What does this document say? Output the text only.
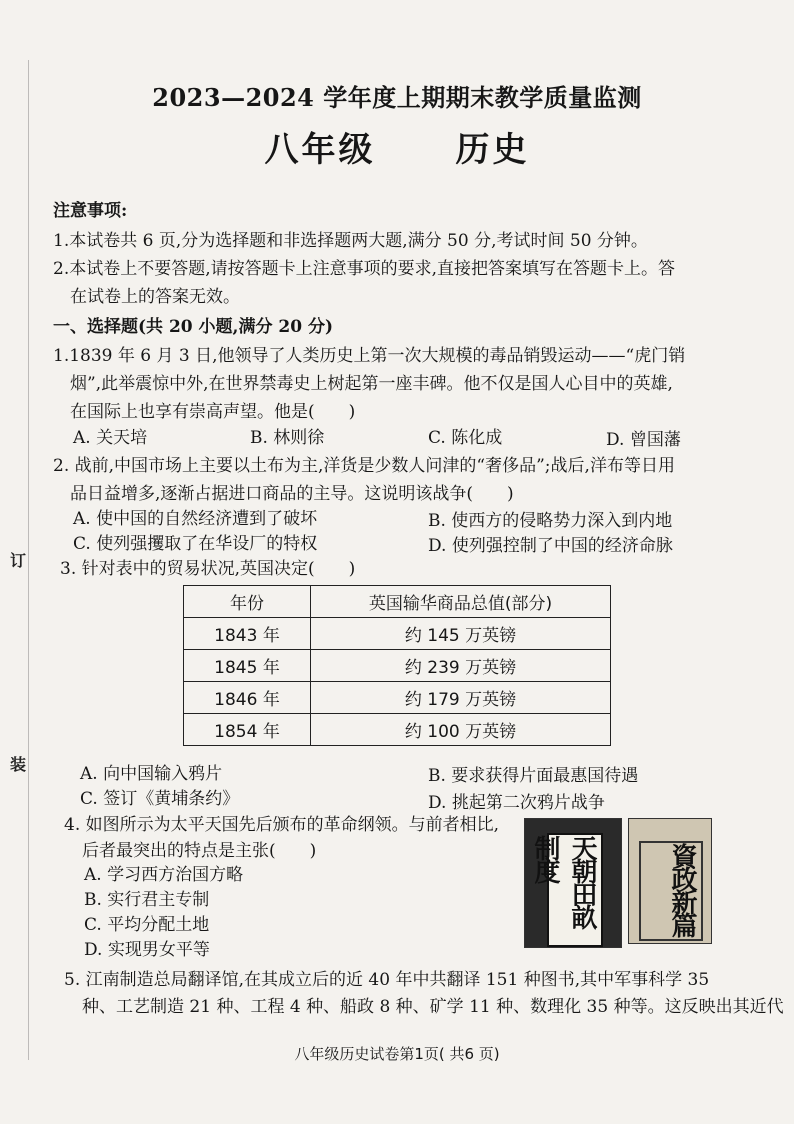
订
装
2023—2024 学年度上期期末教学质量监测
八年级 历史
注意事项:
1.本试卷共 6 页,分为选择题和非选择题两大题,满分 50 分,考试时间 50 分钟。
2.本试卷上不要答题,请按答题卡上注意事项的要求,直接把答案填写在答题卡上。答
在试卷上的答案无效。
一、选择题(共 20 小题,满分 20 分)
1.1839 年 6 月 3 日,他领导了人类历史上第一次大规模的毒品销毁运动——“虎门销
烟”,此举震惊中外,在世界禁毒史上树起第一座丰碑。他不仅是国人心目中的英雄,
在国际上也享有崇高声望。他是(　　)
A. 关天培	B. 林则徐	C. 陈化成	D. 曾国藩
2. 战前,中国市场上主要以土布为主,洋货是少数人问津的“奢侈品”;战后,洋布等日用
品日益增多,逐渐占据进口商品的主导。这说明该战争(　　)
A. 使中国的自然经济遭到了破坏	B. 使西方的侵略势力深入到内地
C. 使列强攫取了在华设厂的特权	D. 使列强控制了中国的经济命脉
3. 针对表中的贸易状况,英国决定(　　)
年份	英国输华商品总值(部分)
1843 年	约 145 万英镑
1845 年	约 239 万英镑
1846 年	约 179 万英镑
1854 年	约 100 万英镑
A. 向中国输入鸦片	B. 要求获得片面最惠国待遇
C. 签订《黄埔条约》	D. 挑起第二次鸦片战争
4. 如图所示为太平天国先后颁布的革命纲领。与前者相比,
后者最突出的特点是主张(　　)
A. 学习西方治国方略
B. 实行君主专制
C. 平均分配土地
D. 实现男女平等
天朝田畝制度	資政新篇
5. 江南制造总局翻译馆,在其成立后的近 40 年中共翻译 151 种图书,其中军事科学 35
种、工艺制造 21 种、工程 4 种、船政 8 种、矿学 11 种、数理化 35 种等。这反映出其近代
八年级历史试卷第1页( 共6 页)
